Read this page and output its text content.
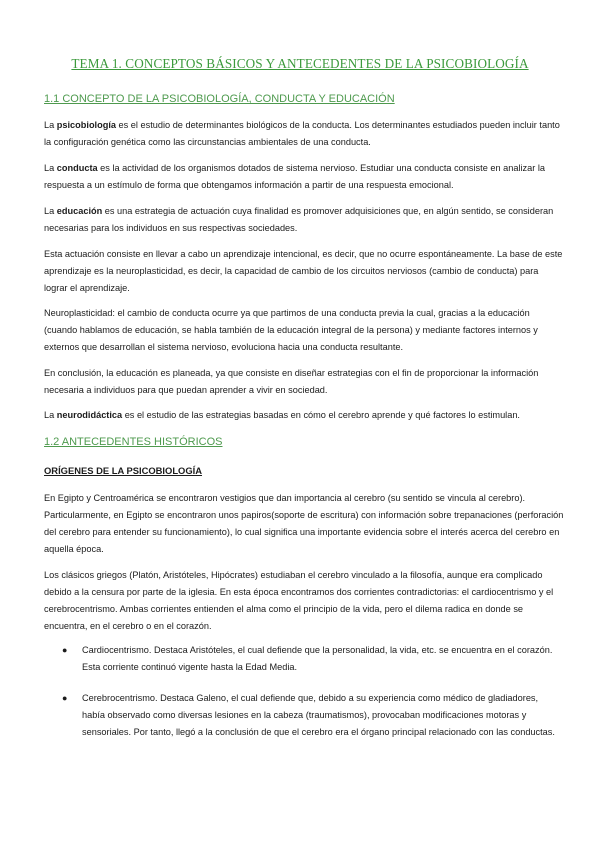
TEMA 1. CONCEPTOS BÁSICOS Y ANTECEDENTES DE LA PSICOBIOLOGÍA
1.1 CONCEPTO DE LA PSICOBIOLOGÍA, CONDUCTA Y EDUCACIÓN

La psicobiología es el estudio de determinantes biológicos de la conducta. Los determinantes estudiados pueden incluir tanto la configuración genética como las circunstancias ambientales de una conducta.

La conducta es la actividad de los organismos dotados de sistema nervioso. Estudiar una conducta consiste en analizar la respuesta a un estímulo de forma que obtengamos información a partir de una respuesta emocional.

La educación es una estrategia de actuación cuya finalidad es promover adquisiciones que, en algún sentido, se consideran necesarias para los individuos en sus respectivas sociedades.

Esta actuación consiste en llevar a cabo un aprendizaje intencional, es decir, que no ocurre espontáneamente. La base de este aprendizaje es la neuroplasticidad, es decir, la capacidad de cambio de los circuitos nerviosos (cambio de conducta) para lograr el aprendizaje.

Neuroplasticidad: el cambio de conducta ocurre ya que partimos de una conducta previa la cual, gracias a la educación (cuando hablamos de educación, se habla también de la educación integral de la persona) y mediante factores internos y externos que desarrollan el sistema nervioso, evoluciona hacia una conducta resultante.

En conclusión, la educación es planeada, ya que consiste en diseñar estrategias con el fin de proporcionar la información necesaria a individuos para que puedan aprender a vivir en sociedad.

La neurodidáctica es el estudio de las estrategias basadas en cómo el cerebro aprende y qué factores lo estimulan.

1.2 ANTECEDENTES HISTÓRICOS
ORÍGENES DE LA PSICOBIOLOGÍA

En Egipto y Centroamérica se encontraron vestigios que dan importancia al cerebro (su sentido se vincula al cerebro). Particularmente, en Egipto se encontraron unos papiros(soporte de escritura) con información sobre trepanaciones (perforación del cerebro para entender su funcionamiento), lo cual significa una importante evidencia sobre el interés acerca del cerebro en aquella época.

Los clásicos griegos (Platón, Aristóteles, Hipócrates) estudiaban el cerebro vinculado a la filosofía, aunque era complicado debido a la censura por parte de la iglesia. En esta época encontramos dos corrientes contradictorias: el cardiocentrismo y el cerebrocentrismo. Ambas corrientes entienden el alma como el principio de la vida, pero el dilema radica en donde se encuentra, en el cerebro o en el corazón.

● Cardiocentrismo. Destaca Aristóteles, el cual defiende que la personalidad, la vida, etc. se encuentra en el corazón. Esta corriente continuó vigente hasta la Edad Media.

● Cerebrocentrismo. Destaca Galeno, el cual defiende que, debido a su experiencia como médico de gladiadores, había observado como diversas lesiones en la cabeza (traumatismos), provocaban modificaciones motoras y sensoriales. Por tanto, llegó a la conclusión de que el cerebro era el órgano principal relacionado con las conductas.
